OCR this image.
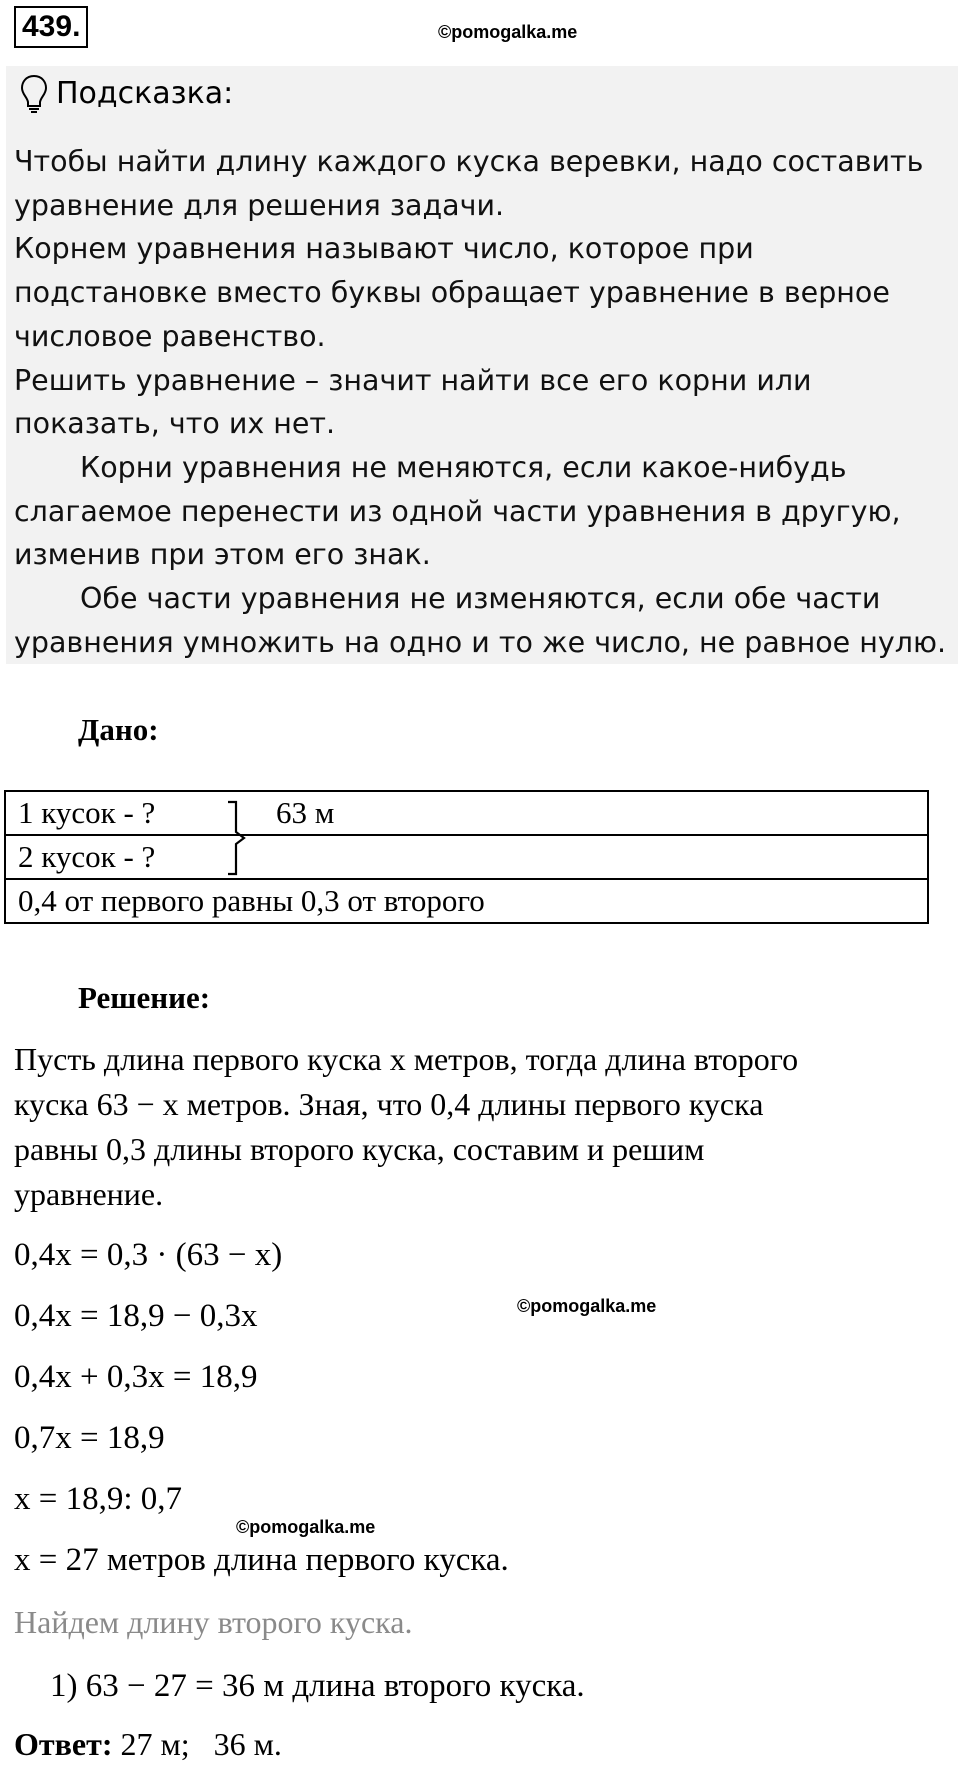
439.	©pomogalka.me
Подсказка:

Чтобы найти длину каждого куска веревки, надо составить

уравнение для решения задачи.

Корнем уравнения называют число, которое при

подстановке вместо буквы обращает уравнение в верное

числовое равенство.

Решить уравнение – значит найти все его корни или

показать, что их нет.

Корни уравнения не меняются, если какое-нибудь

слагаемое перенести из одной части уравнения в другую,

изменив при этом его знак.

Обе части уравнения не изменяются, если обе части

уравнения умножить на одно и то же число, не равное нулю.

Дано:
1 кусок - ?	63 м
2 кусок - ?
0,4 от первого равны 0,3 от второго
Решение:
Пусть длина первого куска x метров, тогда длина второго
куска 63 − x метров. Зная, что 0,4 длины первого куска
равны 0,3 длины второго куска, составим и решим
уравнение.
0,4x = 0,3 · (63 − x)
0,4x = 18,9 − 0,3x	©pomogalka.me
0,4x + 0,3x = 18,9
0,7x = 18,9
x = 18,9: 0,7
©pomogalka.me
x = 27 метров длина первого куска.
Найдем длину второго куска.
1) 63 − 27 = 36 м длина второго куска.
Ответ: 27 м;   36 м.
